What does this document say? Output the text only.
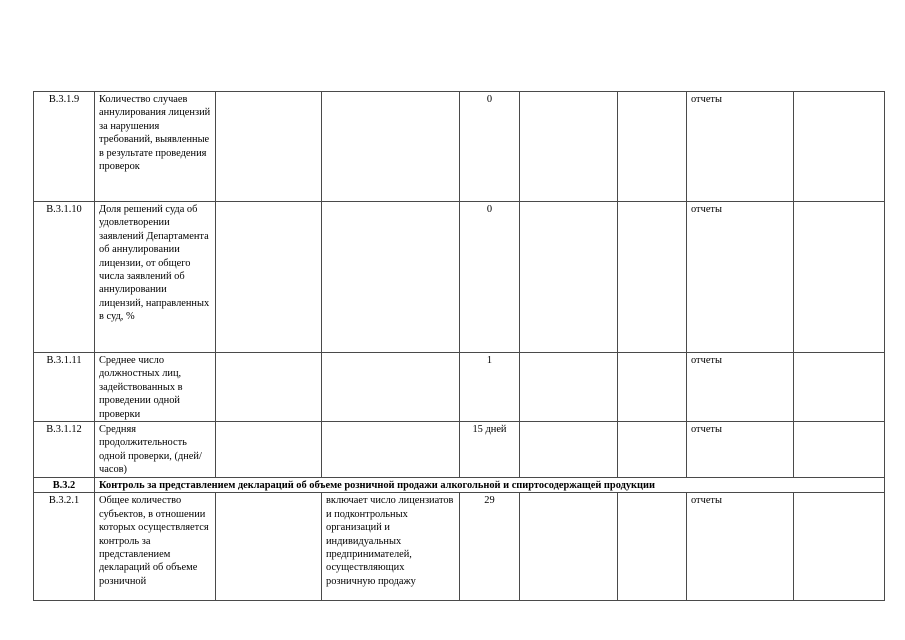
В.3.1.9	Количество случаев аннулирования лицензий за нарушения требований, выявленные в результате проведения проверок			0			отчеты	
В.3.1.10	Доля решений суда об удовлетворении заявлений Департамента об аннулировании лицензии, от общего числа заявлений об аннулировании лицензий, направленных в суд, %			0			отчеты	
В.3.1.11	Среднее число должностных лиц, задействованных в проведении одной проверки			1			отчеты	
В.3.1.12	Средняя продолжительность одной проверки, (дней/часов)			15 дней			отчеты	
В.3.2	Контроль за представлением деклараций об объеме розничной продажи алкогольной и спиртосодержащей продукции							
В.3.2.1	Общее количество субъектов, в отношении которых осуществляется контроль за представлением деклараций об объеме розничной		включает число лицензиатов и подконтрольных организаций и индивидуальных предпринимателей, осуществляющих розничную продажу	29			отчеты	
